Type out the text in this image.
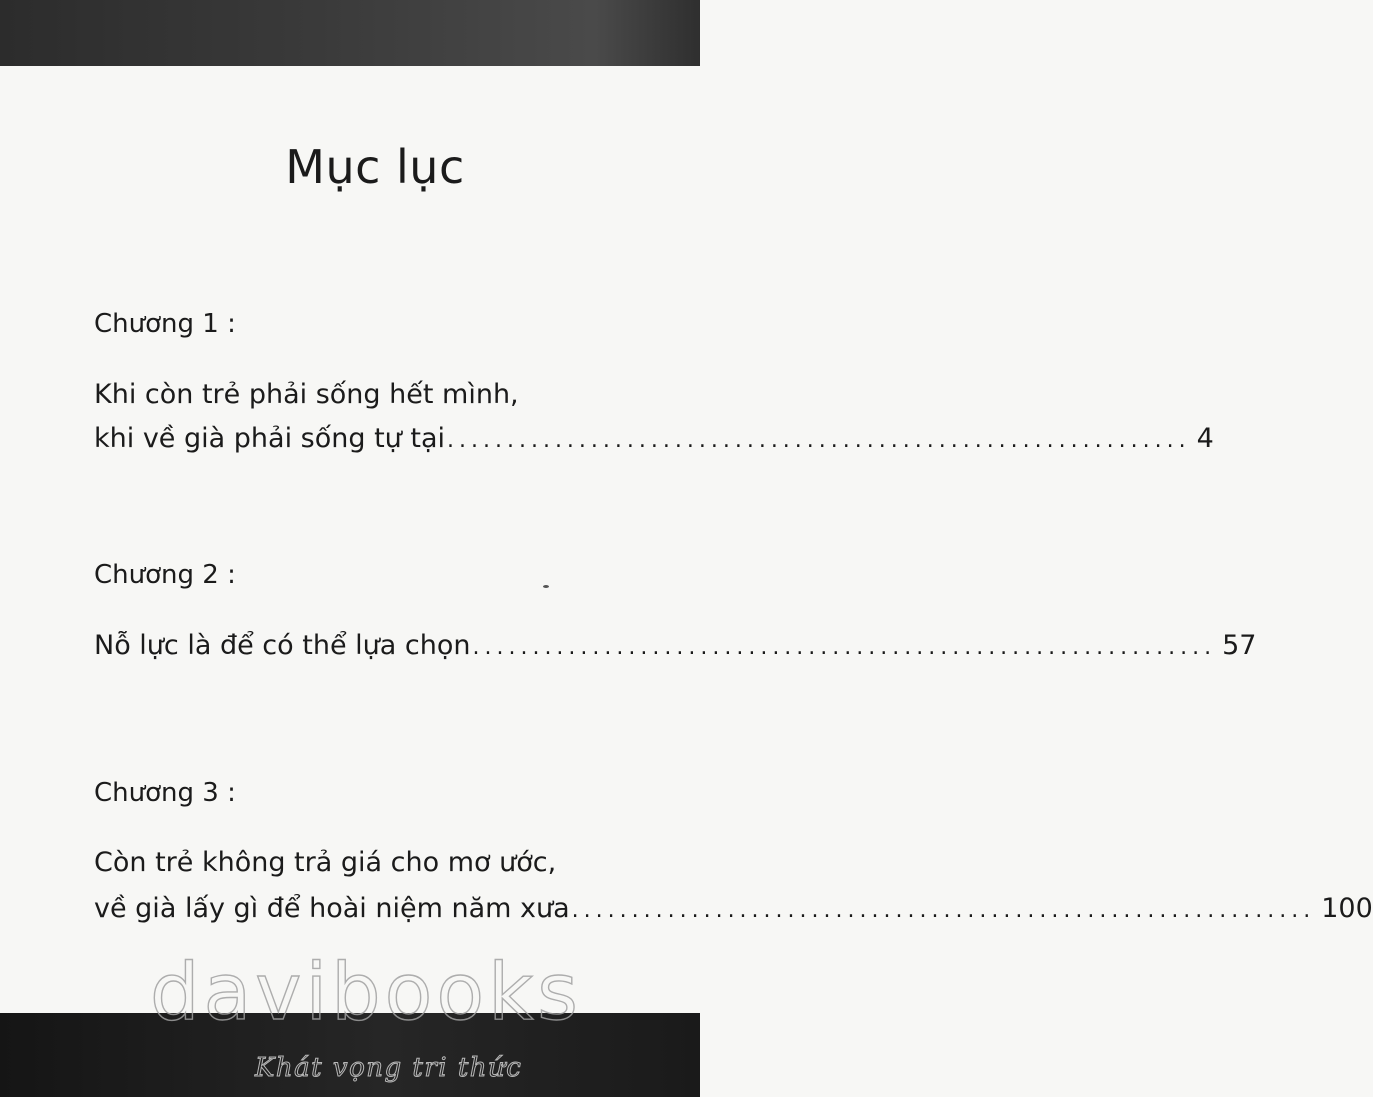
Mục lục
Chương 1 :
Khi còn trẻ phải sống hết mình,
khi về già phải sống tự tại .............................................................. 4
Chương 2 :
Nỗ lực là để có thể lựa chọn .............................................................. 57
Chương 3 :
Còn trẻ không trả giá cho mơ ước,
về già lấy gì để hoài niệm năm xưa .............................................................. 100
davibooks
Khát vọng tri thức
